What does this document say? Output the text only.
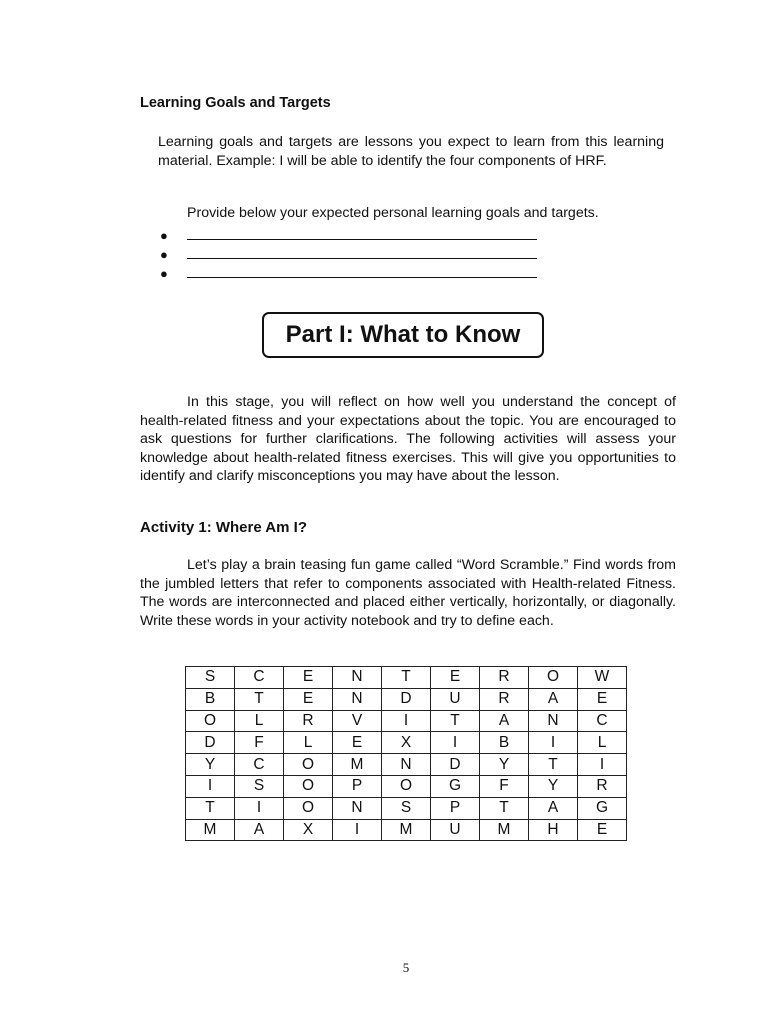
Learning Goals and Targets

Learning goals and targets are lessons you expect to learn from this learning material. Example: I will be able to identify the four components of HRF.

Provide below your expected personal learning goals and targets.

●
●
●
Part I: What to Know

In this stage, you will reflect on how well you understand the concept of health-related fitness and your expectations about the topic. You are encouraged to ask questions for further clarifications. The following activities will assess your knowledge about health-related fitness exercises. This will give you opportunities to identify and clarify misconceptions you may have about the lesson.

Activity 1: Where Am I?

Let’s play a brain teasing fun game called “Word Scramble.” Find words from the jumbled letters that refer to components associated with Health-related Fitness. The words are interconnected and placed either vertically, horizontally, or diagonally. Write these words in your activity notebook and try to define each.

S	C	E	N	T	E	R	O	W
B	T	E	N	D	U	R	A	E
O	L	R	V	I	T	A	N	C
D	F	L	E	X	I	B	I	L
Y	C	O	M	N	D	Y	T	I
I	S	O	P	O	G	F	Y	R
T	I	O	N	S	P	T	A	G
M	A	X	I	M	U	M	H	E

5
